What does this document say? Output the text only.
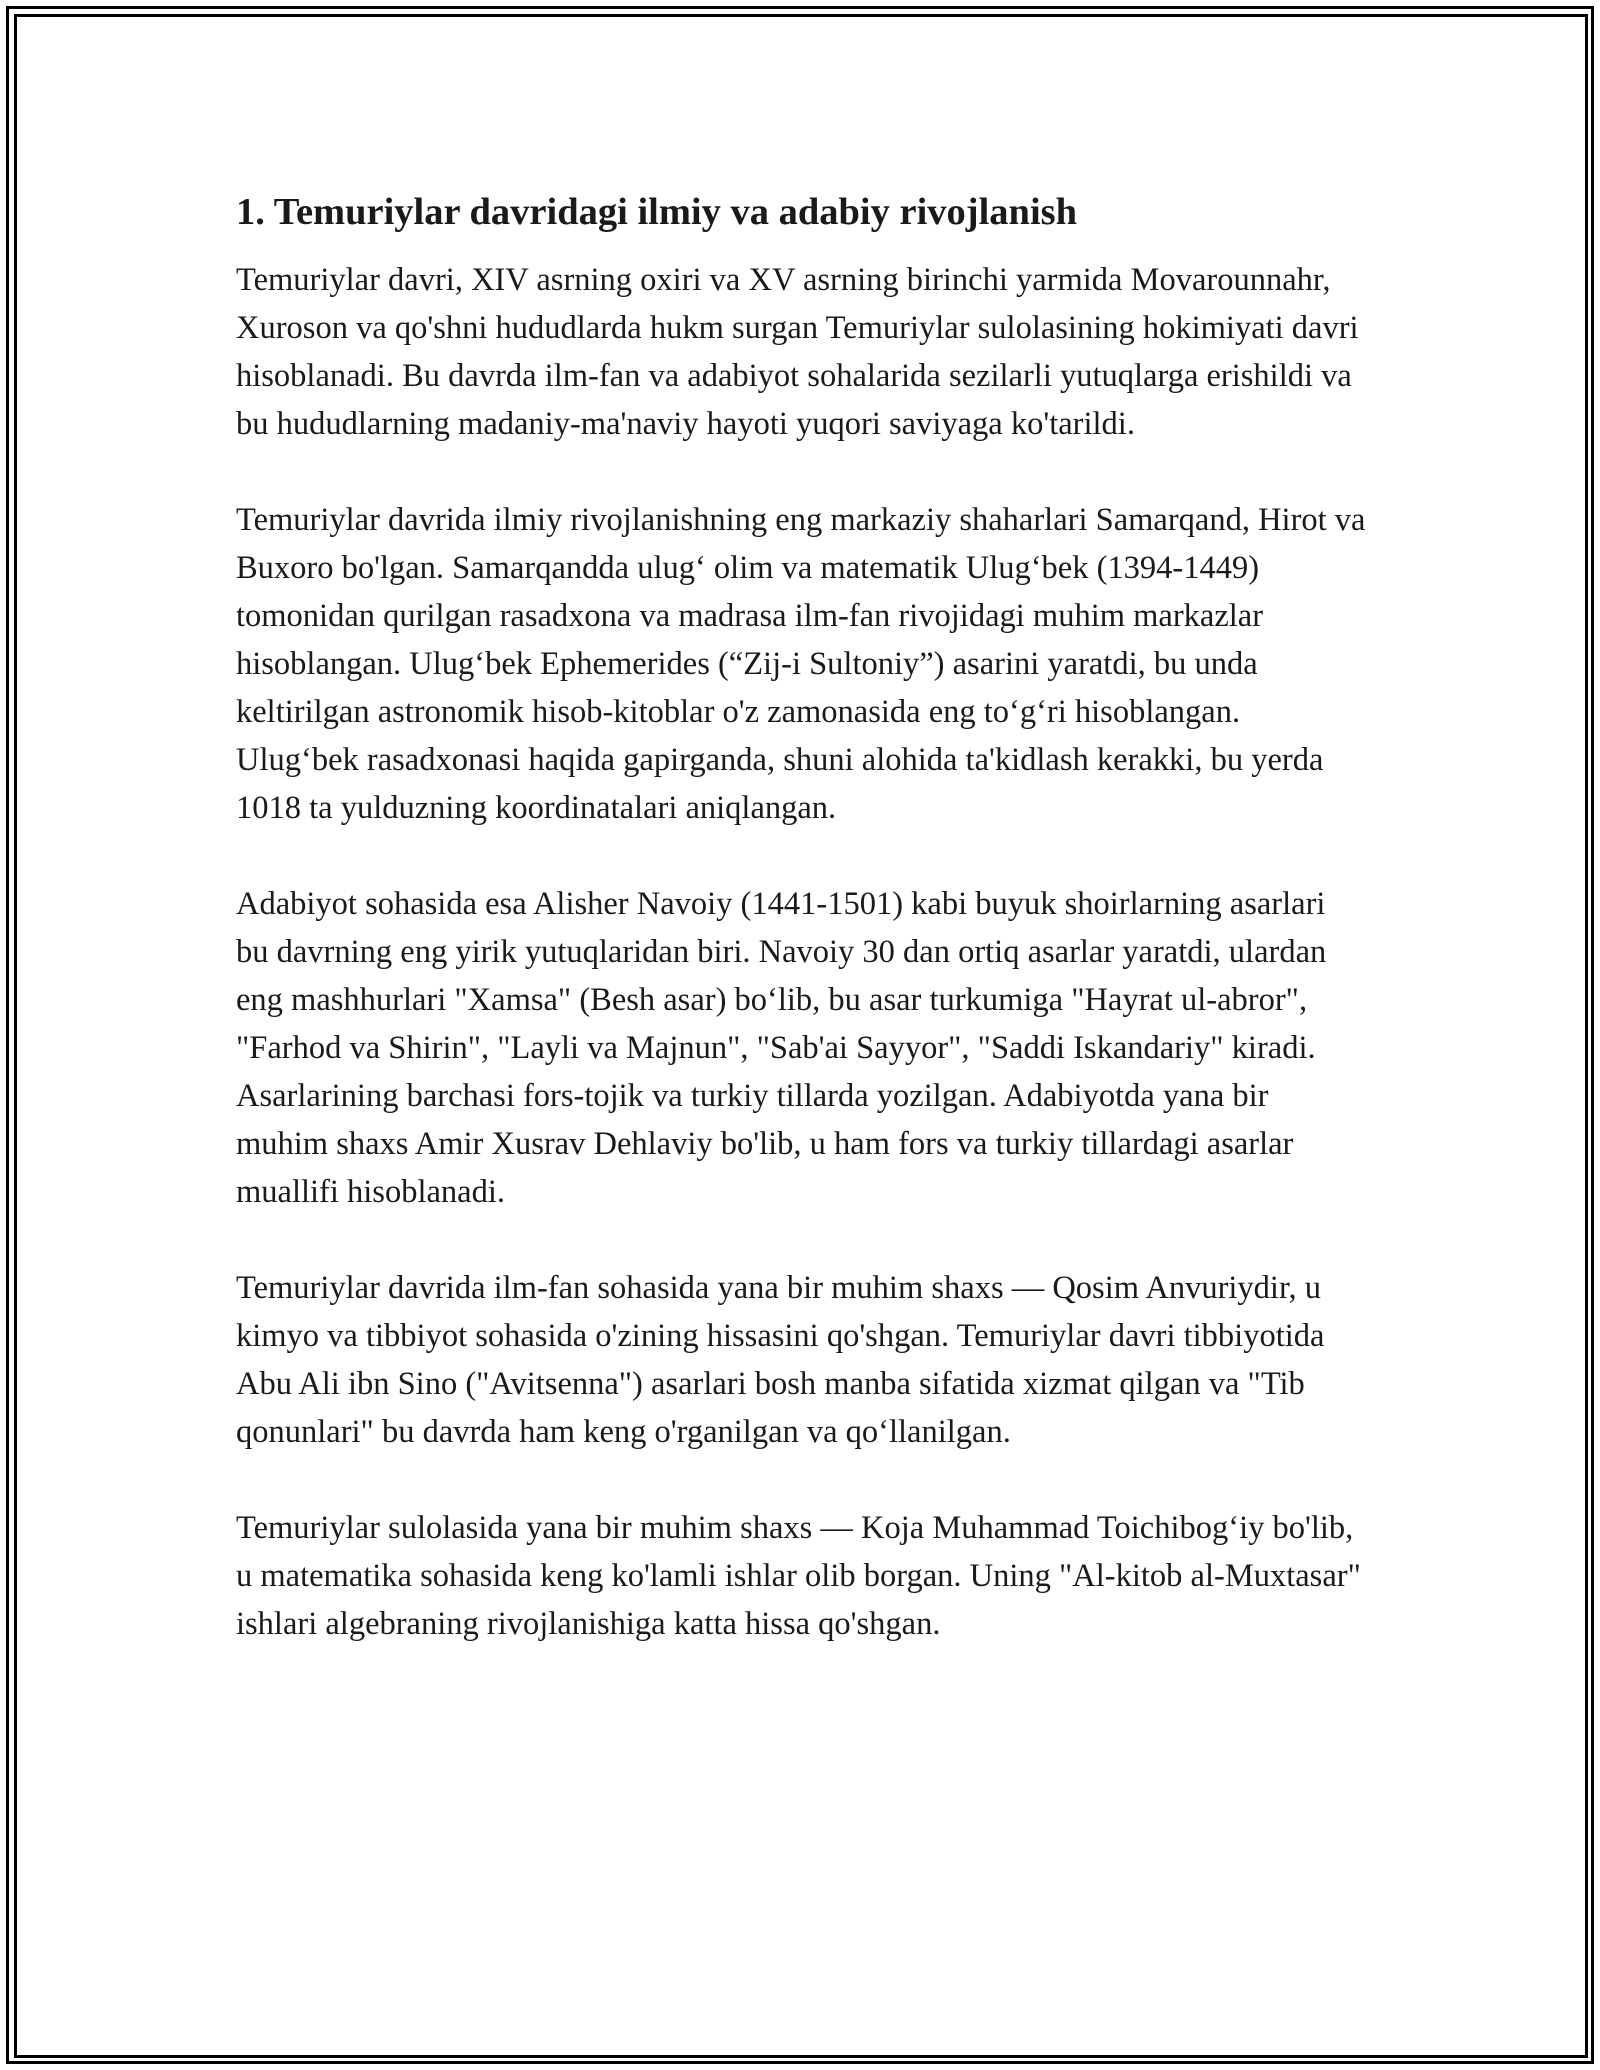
1. Temuriylar davridagi ilmiy va adabiy rivojlanish

Temuriylar davri, XIV asrning oxiri va XV asrning birinchi yarmida Movarounnahr, Xuroson va qo'shni hududlarda hukm surgan Temuriylar sulolasining hokimiyati davri hisoblanadi. Bu davrda ilm-fan va adabiyot sohalarida sezilarli yutuqlarga erishildi va bu hududlarning madaniy-ma'naviy hayoti yuqori saviyaga ko'tarildi.

Temuriylar davrida ilmiy rivojlanishning eng markaziy shaharlari Samarqand, Hirot va Buxoro bo'lgan. Samarqandda ulug‘ olim va matematik Ulug‘bek (1394-1449) tomonidan qurilgan rasadxona va madrasa ilm-fan rivojidagi muhim markazlar hisoblangan. Ulug‘bek Ephemerides (“Zij-i Sultoniy”) asarini yaratdi, bu unda keltirilgan astronomik hisob-kitoblar o'z zamonasida eng to‘g‘ri hisoblangan. Ulug‘bek rasadxonasi haqida gapirganda, shuni alohida ta'kidlash kerakki, bu yerda 1018 ta yulduzning koordinatalari aniqlangan.

Adabiyot sohasida esa Alisher Navoiy (1441-1501) kabi buyuk shoirlarning asarlari bu davrning eng yirik yutuqlaridan biri. Navoiy 30 dan ortiq asarlar yaratdi, ulardan eng mashhurlari "Xamsa" (Besh asar) bo‘lib, bu asar turkumiga "Hayrat ul-abror", "Farhod va Shirin", "Layli va Majnun", "Sab'ai Sayyor", "Saddi Iskandariy" kiradi. Asarlarining barchasi fors-tojik va turkiy tillarda yozilgan. Adabiyotda yana bir muhim shaxs Amir Xusrav Dehlaviy bo'lib, u ham fors va turkiy tillardagi asarlar muallifi hisoblanadi.

Temuriylar davrida ilm-fan sohasida yana bir muhim shaxs — Qosim Anvuriydir, u kimyo va tibbiyot sohasida o'zining hissasini qo'shgan. Temuriylar davri tibbiyotida Abu Ali ibn Sino ("Avitsenna") asarlari bosh manba sifatida xizmat qilgan va "Tib qonunlari" bu davrda ham keng o'rganilgan va qo‘llanilgan.

Temuriylar sulolasida yana bir muhim shaxs — Koja Muhammad Toichibog‘iy bo'lib, u matematika sohasida keng ko'lamli ishlar olib borgan. Uning "Al-kitob al-Muxtasar" ishlari algebraning rivojlanishiga katta hissa qo'shgan.
